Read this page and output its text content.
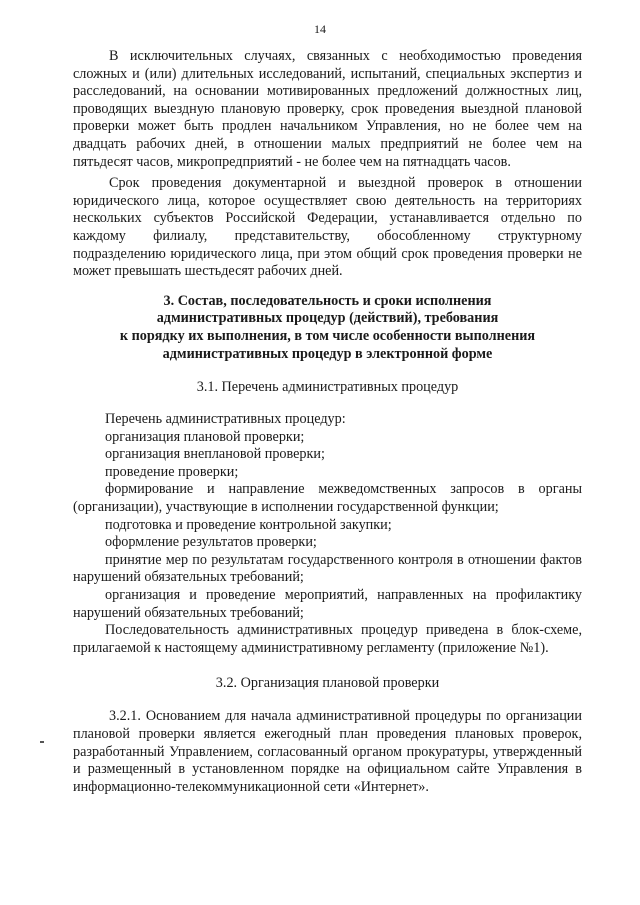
14

В исключительных случаях, связанных с необходимостью проведения сложных и (или) длительных исследований, испытаний, специальных экспертиз и расследований, на основании мотивированных предложений должностных лиц, проводящих выездную плановую проверку, срок проведения выездной плановой проверки может быть продлен начальником Управления, но не более чем на двадцать рабочих дней, в отношении малых предприятий не более чем на пятьдесят часов, микропредприятий - не более чем на пятнадцать часов.

Срок проведения документарной и выездной проверок в отношении юридического лица, которое осуществляет свою деятельность на территориях нескольких субъектов Российской Федерации, устанавливается отдельно по каждому филиалу, представительству, обособленному структурному подразделению юридического лица, при этом общий срок проведения проверки не может превышать шестьдесят рабочих дней.

3. Состав, последовательность и сроки исполнения
административных процедур (действий), требования
к порядку их выполнения, в том числе особенности выполнения
административных процедур в электронной форме
3.1. Перечень административных процедур

Перечень административных процедур:

организация плановой проверки;

организация внеплановой проверки;

проведение проверки;

формирование и направление межведомственных запросов в органы (организации), участвующие в исполнении государственной функции;

подготовка и проведение контрольной закупки;

оформление результатов проверки;

принятие мер по результатам государственного контроля в отношении фактов нарушений обязательных требований;

организация и проведение мероприятий, направленных на профилактику нарушений обязательных требований;

Последовательность административных процедур приведена в блок-схеме, прилагаемой к настоящему административному регламенту (приложение №1).

3.2. Организация плановой проверки

3.2.1. Основанием для начала административной процедуры по организации плановой проверки является ежегодный план проведения плановых проверок, разработанный Управлением, согласованный органом прокуратуры, утвержденный и размещенный в установленном порядке на официальном сайте Управления в информационно-телекоммуникационной сети «Интернет».
